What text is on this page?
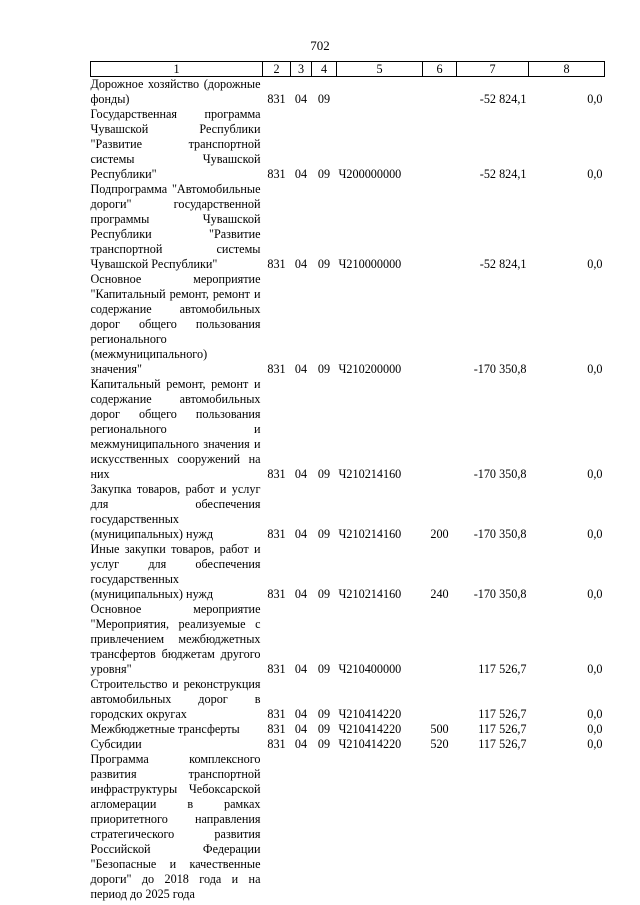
702
1	2	3	4	5	6	7	8
Дорожное хозяйство (дорожные фонды)	831	04	09			-52 824,1	0,0
Государственная программа Чувашской Республики "Развитие транспортной системы Чувашской Республики"	831	04	09	Ч200000000		-52 824,1	0,0
Подпрограмма "Автомобильные дороги" государственной программы Чувашской Республики "Развитие транспортной системы Чувашской Республики"	831	04	09	Ч210000000		-52 824,1	0,0
Основное мероприятие "Капитальный ремонт, ремонт и содержание автомобильных дорог общего пользования регионального (межмуниципального) значения"	831	04	09	Ч210200000		-170 350,8	0,0
Капитальный ремонт, ремонт и содержание автомобильных дорог общего пользования регионального и межмуниципального значения и искусственных сооружений на них	831	04	09	Ч210214160		-170 350,8	0,0
Закупка товаров, работ и услуг для обеспечения государственных (муниципальных) нужд	831	04	09	Ч210214160	200	-170 350,8	0,0
Иные закупки товаров, работ и услуг для обеспечения государственных (муниципальных) нужд	831	04	09	Ч210214160	240	-170 350,8	0,0
Основное мероприятие "Мероприятия, реализуемые с привлечением межбюджетных трансфертов бюджетам другого уровня"	831	04	09	Ч210400000		117 526,7	0,0
Строительство и реконструкция автомобильных дорог в городских округах	831	04	09	Ч210414220		117 526,7	0,0
Межбюджетные трансферты	831	04	09	Ч210414220	500	117 526,7	0,0
Субсидии	831	04	09	Ч210414220	520	117 526,7	0,0
Программа комплексного развития транспортной инфраструктуры Чебоксарской агломерации в рамках приоритетного направления стратегического развития Российской Федерации "Безопасные и качественные дороги" до 2018 года и на период до 2025 года							
